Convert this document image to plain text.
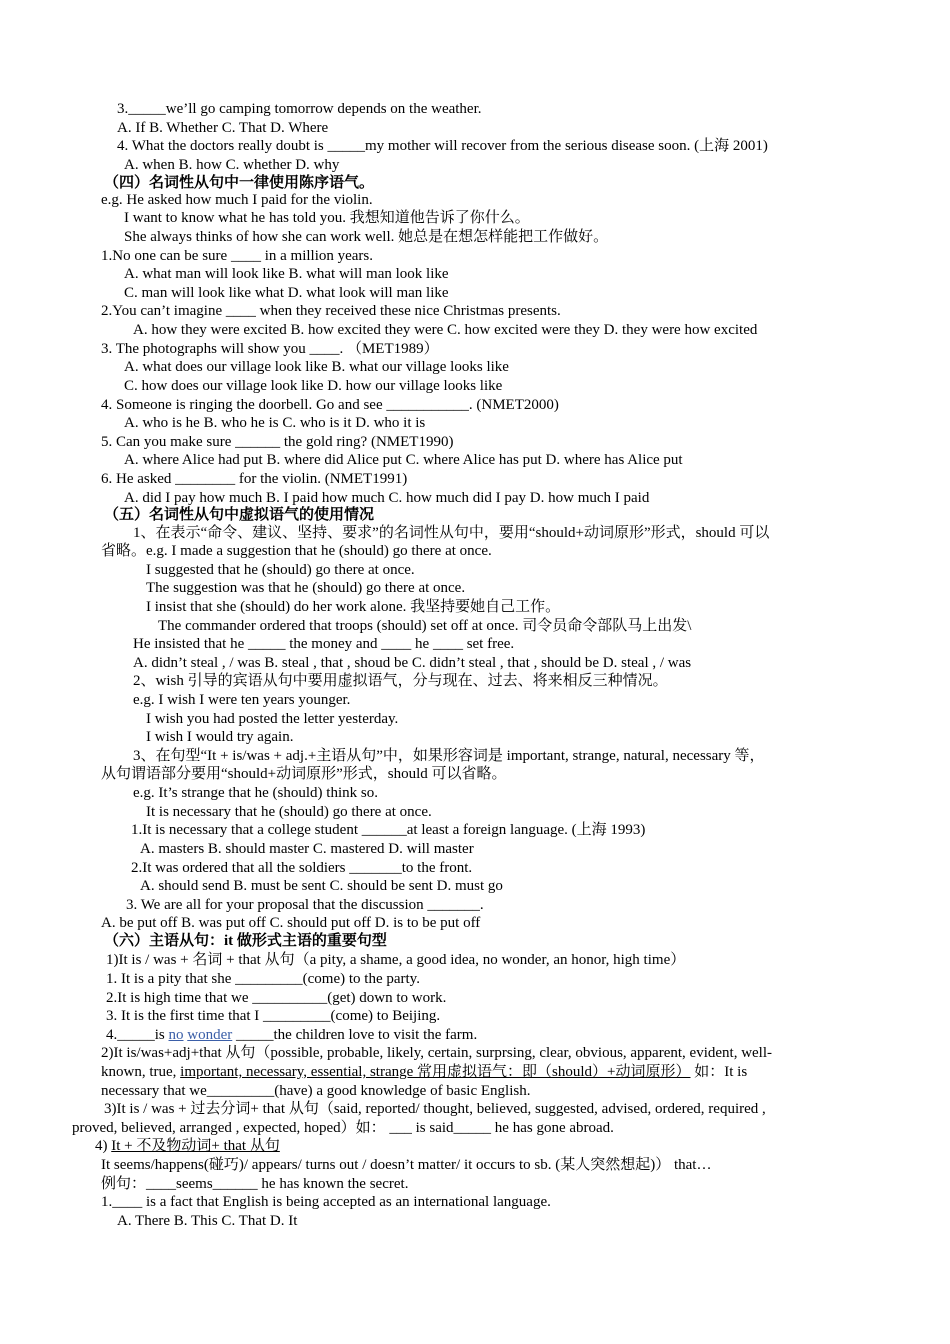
3._____we’ll go camping tomorrow depends on the weather.
A. If B. Whether C. That D. Where
4. What the doctors really doubt is _____my mother will recover from the serious disease soon. (上海 2001)
A. when B. how C. whether D. why
（四）名词性从句中一律使用陈序语气。
e.g. He asked how much I paid for the violin.
I want to know what he has told you. 我想知道他告诉了你什么。
She always thinks of how she can work well. 她总是在想怎样能把工作做好。
1.No one can be sure ____ in a million years.
A. what man will look like B. what will man look like
C. man will look like what D. what look will man like
2.You can’t imagine ____ when they received these nice Christmas presents.
A. how they were excited B. how excited they were C. how excited were they D. they were how excited
3. The photographs will show you ____. （MET1989）
A. what does our village look like B. what our village looks like
C. how does our village look like D. how our village looks like
4. Someone is ringing the doorbell. Go and see ___________. (NMET2000)
A. who is he B. who he is C. who is it D. who it is
5. Can you make sure ______ the gold ring? (NMET1990)
A. where Alice had put B. where did Alice put C. where Alice has put D. where has Alice put
6. He asked ________ for the violin. (NMET1991)
A. did I pay how much B. I paid how much C. how much did I pay D. how much I paid
（五）名词性从句中虚拟语气的使用情况
1、在表示“命令、建议、坚持、要求”的名词性从句中，要用“should+动词原形”形式，should 可以
省略。e.g. I made a suggestion that he (should) go there at once.
I suggested that he (should) go there at once.
The suggestion was that he (should) go there at once.
I insist that she (should) do her work alone. 我坚持要她自己工作。
The commander ordered that troops (should) set off at once. 司令员命令部队马上出发\
He insisted that he _____ the money and ____ he ____ set free.
A. didn’t steal , / was B. steal , that , shoud be C. didn’t steal , that , should be D. steal , / was
2、wish 引导的宾语从句中要用虚拟语气，分与现在、过去、将来相反三种情况。
e.g. I wish I were ten years younger.
I wish you had posted the letter yesterday.
I wish I would try again.
3、在句型“It + is/was + adj.+主语从句”中，如果形容词是 important, strange, natural, necessary 等，
从句谓语部分要用“should+动词原形”形式，should 可以省略。
e.g. It’s strange that he (should) think so.
It is necessary that he (should) go there at once.
1.It is necessary that a college student ______at least a foreign language. (上海 1993)
A. masters B. should master C. mastered D. will master
2.It was ordered that all the soldiers _______to the front.
A. should send B. must be sent C. should be sent D. must go
3. We are all for your proposal that the discussion _______.
A. be put off B. was put off C. should put off D. is to be put off
（六）主语从句：it 做形式主语的重要句型
1)It is / was + 名词 + that 从句（a pity, a shame, a good idea, no wonder, an honor, high time）
1. It is a pity that she _________(come) to the party.
2.It is high time that we __________(get) down to work.
3. It is the first time that I _________(come) to Beijing.
4._____is no wonder _____the children love to visit the farm.
2)It is/was+adj+that 从句（possible, probable, likely, certain, surprsing, clear, obvious, apparent, evident, well-
known, true, important, necessary, essential, strange 常用虚拟语气：即（should）+动词原形） 如：It is
necessary that we_________(have) a good knowledge of basic English.
3)It is / was + 过去分词+ that 从句（said, reported/ thought, believed, suggested, advised, ordered, required ,
proved, believed, arranged , expected, hoped）如： ___ is said_____ he has gone abroad.
4) It + 不及物动词+ that 从句
It seems/happens(碰巧)/ appears/ turns out / doesn’t matter/ it occurs to sb. (某人突然想起)） that…
例句：____seems______ he has known the secret.
1.____ is a fact that English is being accepted as an international language.
A. There B. This C. That D. It
